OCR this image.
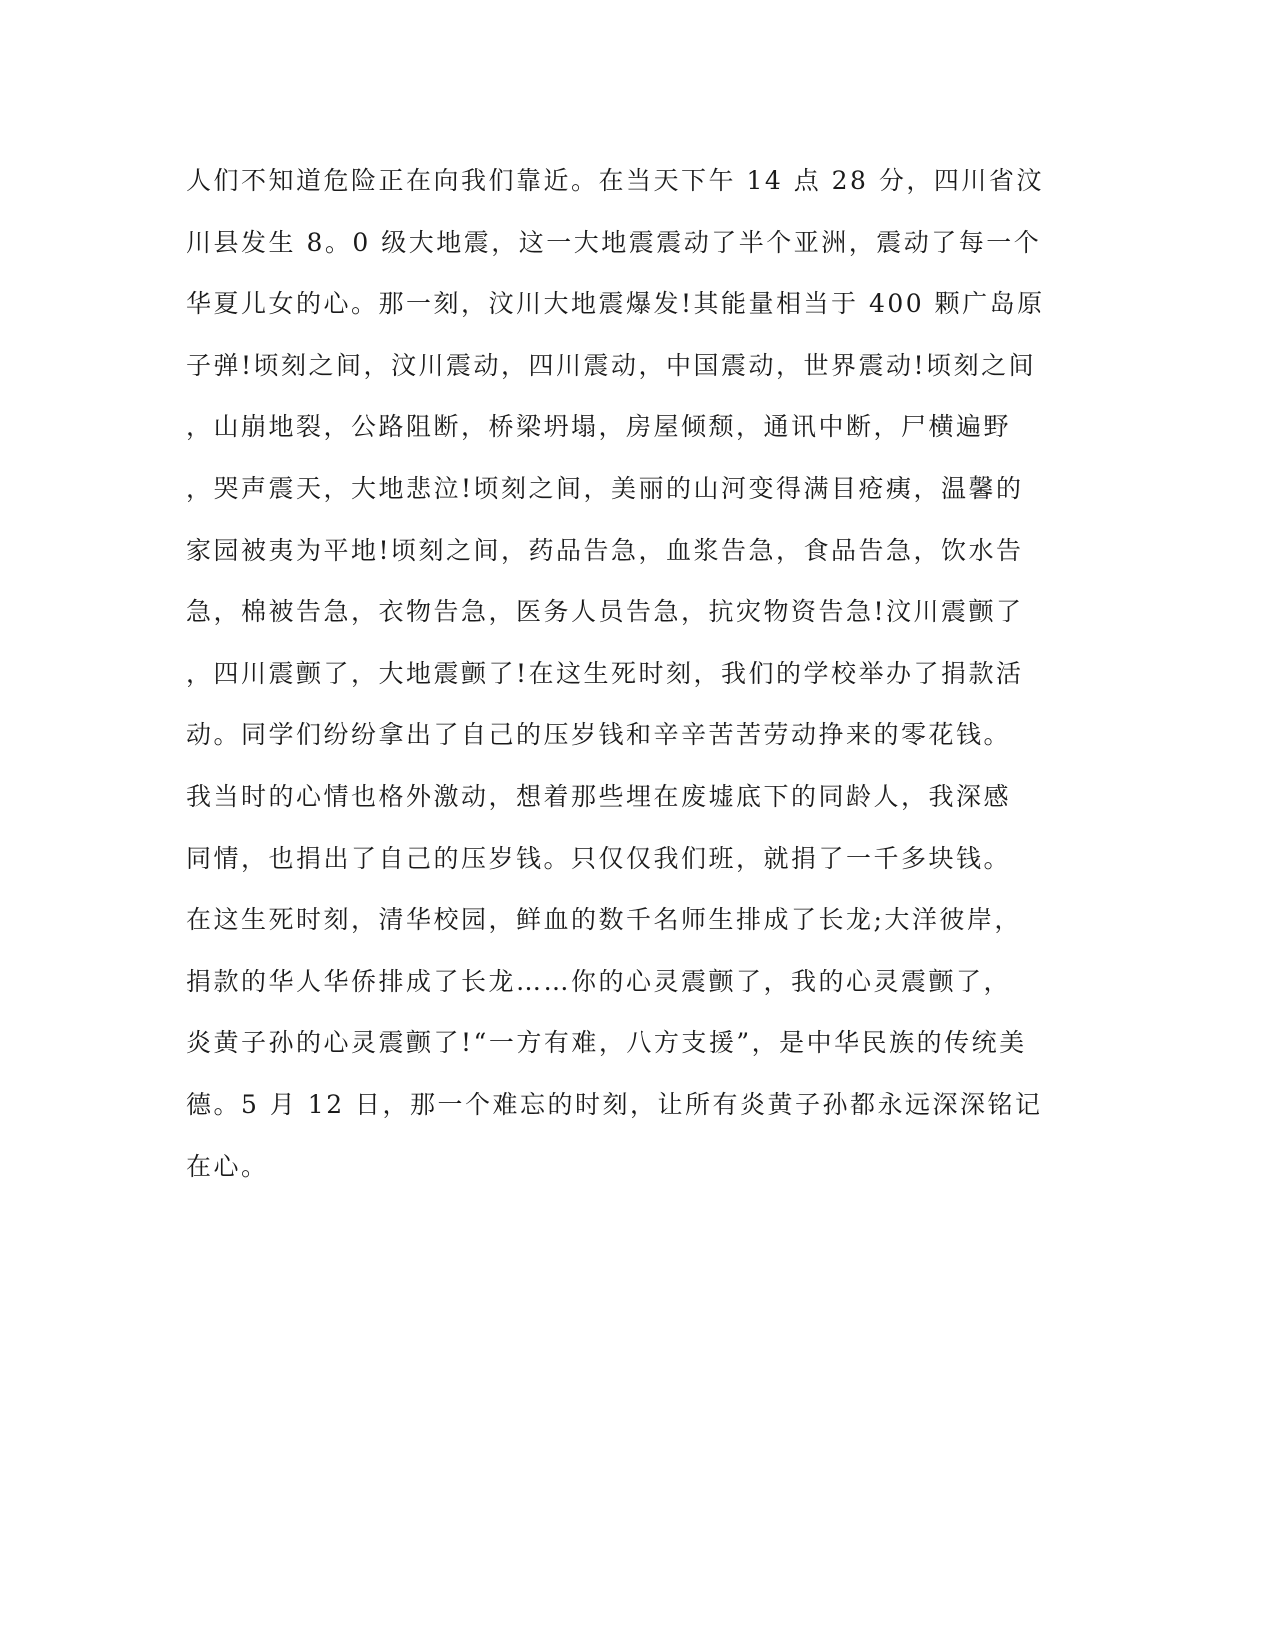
人们不知道危险正在向我们靠近。在当天下午 14 点 28 分，四川省汶
川县发生 8。0 级大地震，这一大地震震动了半个亚洲，震动了每一个
华夏儿女的心。那一刻，汶川大地震爆发!其能量相当于 400 颗广岛原
子弹!顷刻之间，汶川震动，四川震动，中国震动，世界震动!顷刻之间
，山崩地裂，公路阻断，桥梁坍塌，房屋倾颓，通讯中断，尸横遍野
，哭声震天，大地悲泣!顷刻之间，美丽的山河变得满目疮痍，温馨的
家园被夷为平地!顷刻之间，药品告急，血浆告急，食品告急，饮水告
急，棉被告急，衣物告急，医务人员告急，抗灾物资告急!汶川震颤了
，四川震颤了，大地震颤了!在这生死时刻，我们的学校举办了捐款活
动。同学们纷纷拿出了自己的压岁钱和辛辛苦苦劳动挣来的零花钱。
我当时的心情也格外激动，想着那些埋在废墟底下的同龄人，我深感
同情，也捐出了自己的压岁钱。只仅仅我们班，就捐了一千多块钱。
在这生死时刻，清华校园，鲜血的数千名师生排成了长龙;大洋彼岸，
捐款的华人华侨排成了长龙……你的心灵震颤了，我的心灵震颤了，
炎黄子孙的心灵震颤了!“一方有难，八方支援”，是中华民族的传统美
德。5 月 12 日，那一个难忘的时刻，让所有炎黄子孙都永远深深铭记
在心。
